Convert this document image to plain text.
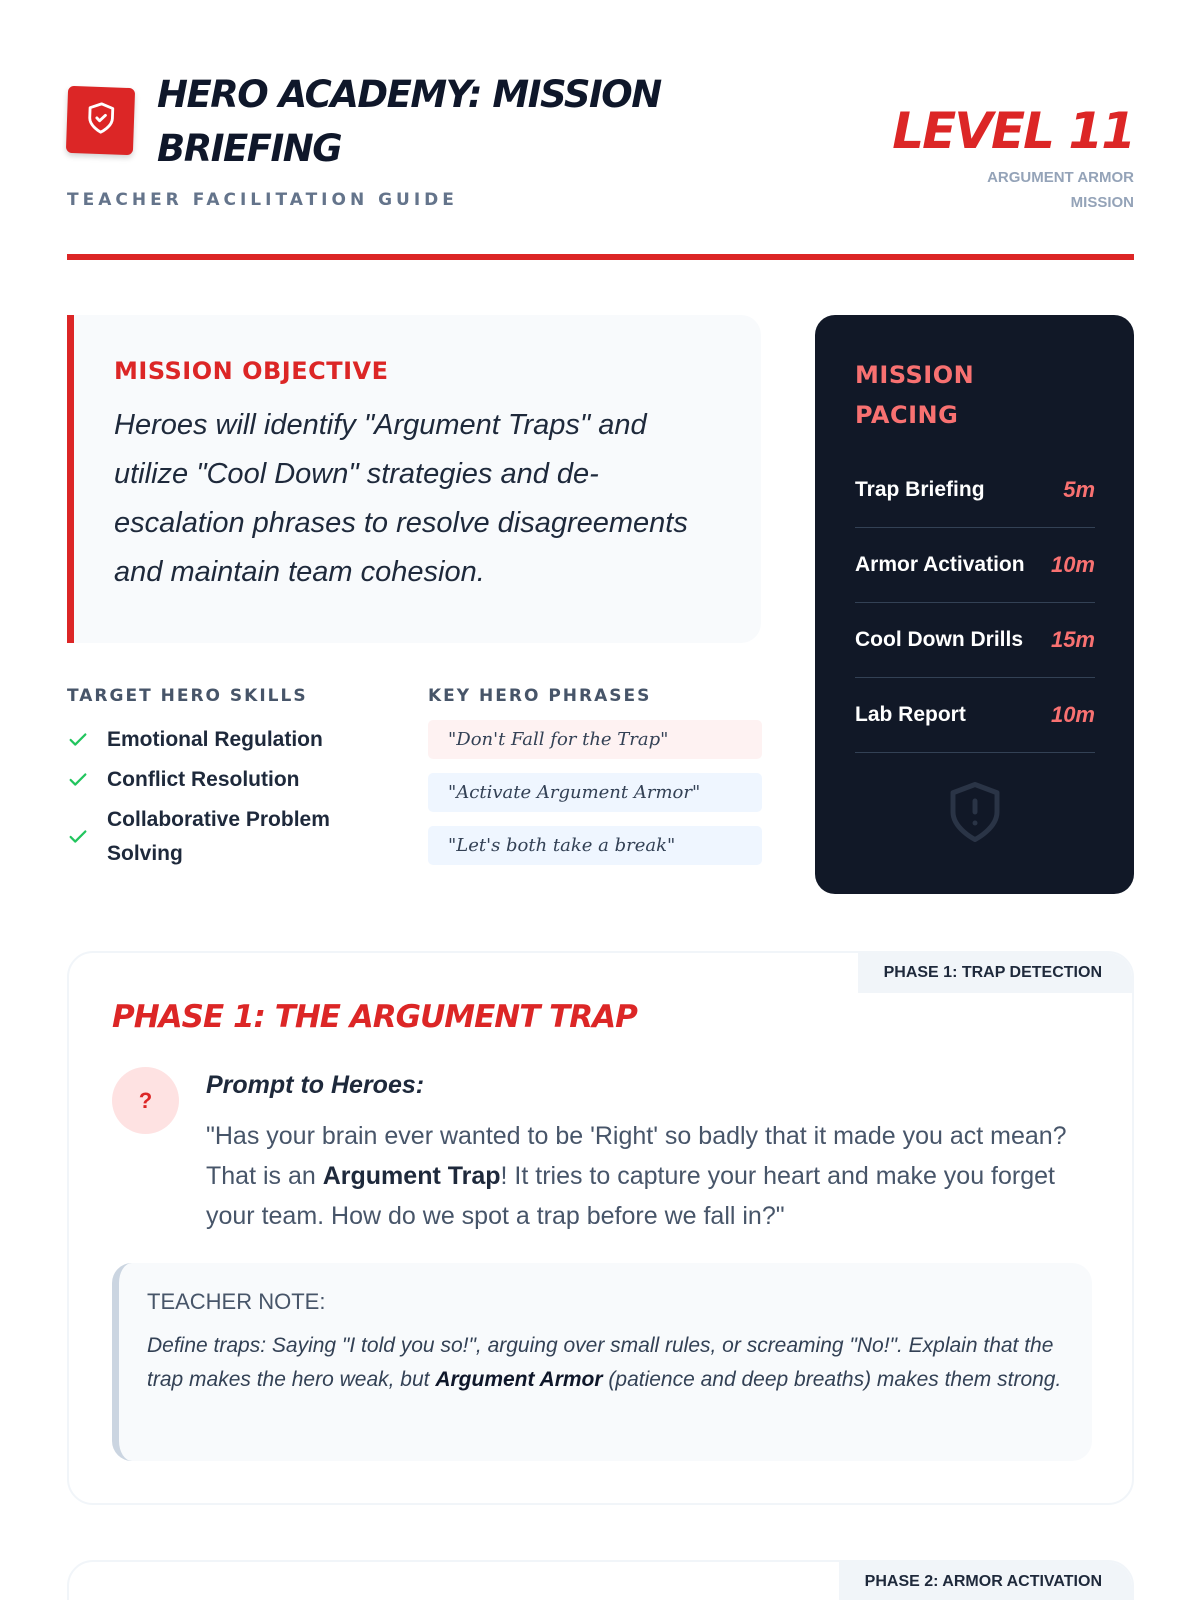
HERO ACADEMY: MISSION BRIEFING
TEACHER FACILITATION GUIDE
LEVEL 11
ARGUMENT ARMOR MISSION
MISSION OBJECTIVE
Heroes will identify "Argument Traps" and utilize "Cool Down" strategies and de-escalation phrases to resolve disagreements and maintain team cohesion.
MISSION PACING
Trap Briefing	5m
Armor Activation 10m
Cool Down Drills 15m
Lab Report	10m
TARGET HERO SKILLS
Emotional Regulation
Conflict Resolution
Collaborative Problem Solving
KEY HERO PHRASES
"Don't Fall for the Trap"
"Activate Argument Armor"
"Let's both take a break"
PHASE 1: TRAP DETECTION
PHASE 1: THE ARGUMENT TRAP
?
Prompt to Heroes:
"Has your brain ever wanted to be 'Right' so badly that it made you act mean? That is an Argument Trap! It tries to capture your heart and make you forget your team. How do we spot a trap before we fall in?"
TEACHER NOTE:
Define traps: Saying "I told you so!", arguing over small rules, or screaming "No!". Explain that the trap makes the hero weak, but Argument Armor (patience and deep breaths) makes them strong.
PHASE 2: ARMOR ACTIVATION
